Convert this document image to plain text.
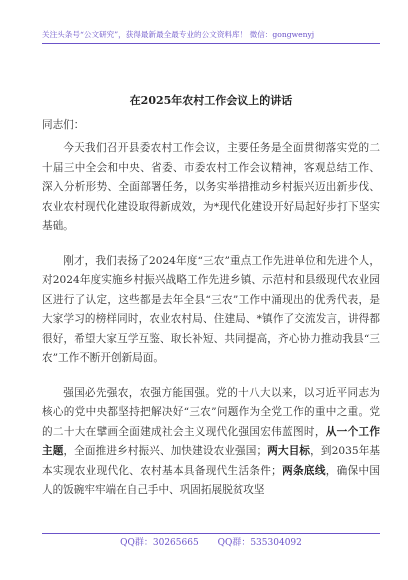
关注头条号“公文研究”，获得最新最全最专业的公文资料库！ 微信：gongwenyj
在2025年农村工作会议上的讲话

同志们：

今天我们召开县委农村工作会议，主要任务是全面贯彻落实党的二十届三中全会和中央、省委、市委农村工作会议精神，客观总结工作、深入分析形势、全面部署任务，以务实举措推动乡村振兴迈出新步伐、农业农村现代化建设取得新成效，为*现代化建设开好局起好步打下坚实基础。

刚才，我们表扬了2024年度“三农”重点工作先进单位和先进个人，对2024年度实施乡村振兴战略工作先进乡镇、示范村和县级现代农业园区进行了认定，这些都是去年全县“三农”工作中涌现出的优秀代表，是大家学习的榜样同时，农业农村局、住建局、*镇作了交流发言，讲得都很好，希望大家互学互鉴、取长补短、共同提高，齐心协力推动我县“三农”工作不断开创新局面。

强国必先强农，农强方能国强。党的十八大以来，以习近平同志为核心的党中央都坚持把解决好“三农”问题作为全党工作的重中之重。党的二十大在擘画全面建成社会主义现代化强国宏伟蓝图时，从一个工作主题，全面推进乡村振兴、加快建设农业强国；两大目标，到2035年基本实现农业现代化、农村基本具备现代生活条件；两条底线，确保中国人的饭碗牢牢端在自己手中、巩固拓展脱贫攻坚

QQ群：30265665 QQ群：535304092
